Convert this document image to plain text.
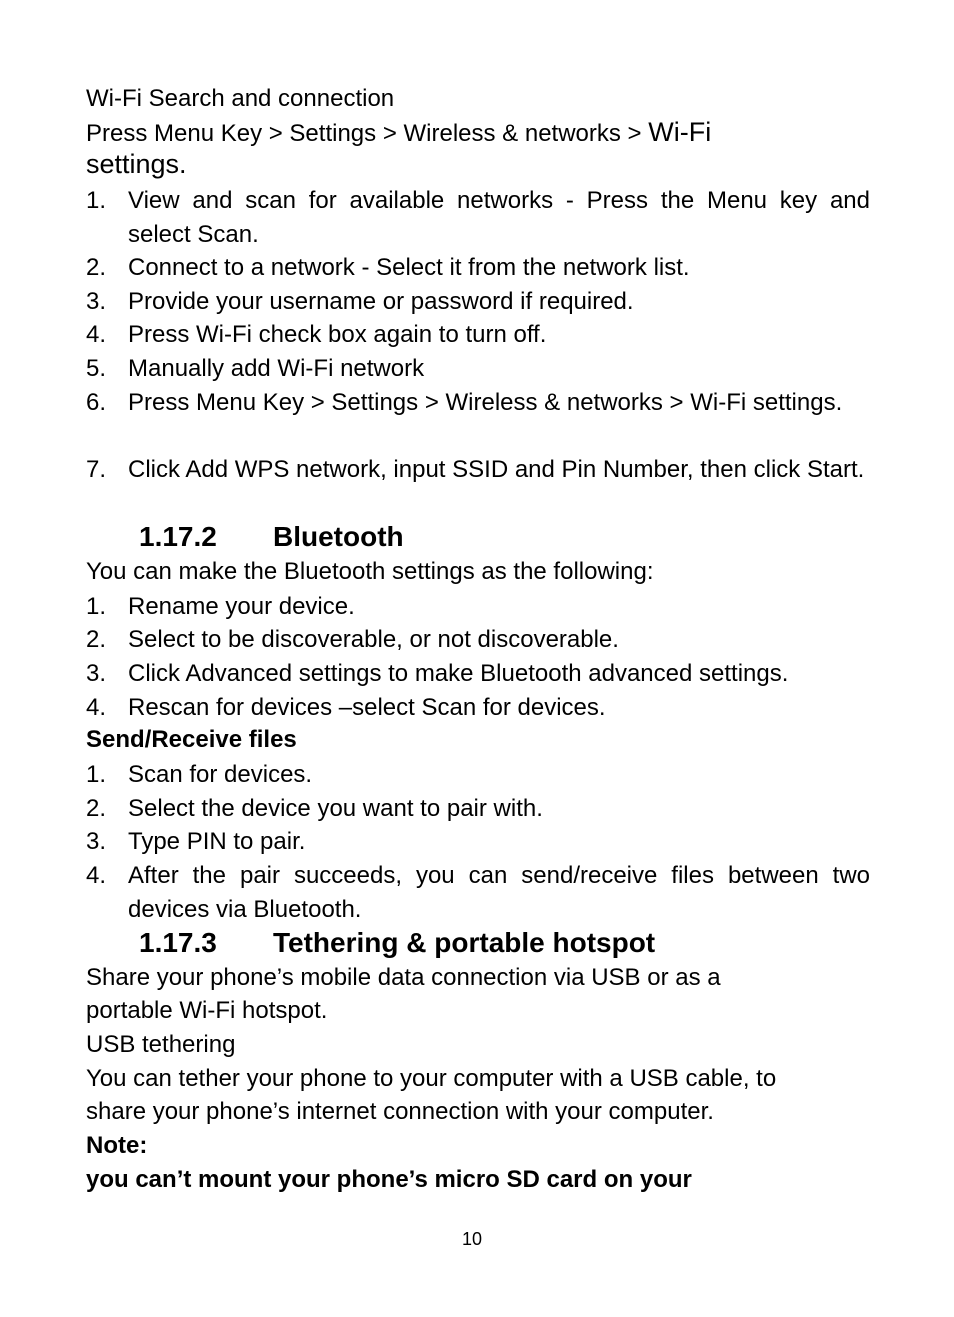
Wi-Fi Search and connection
Press Menu Key > Settings > Wireless & networks > Wi-Fi
settings.
1. View and scan for available networks - Press the Menu key and select Scan.
2. Connect to a network - Select it from the network list.
3. Provide your username or password if required.
4. Press Wi-Fi check box again to turn off.
5. Manually add Wi-Fi network
6. Press Menu Key > Settings > Wireless & networks > Wi-Fi settings.
7. Click Add WPS network, input SSID and Pin Number, then click Start.
1.17.2 Bluetooth
You can make the Bluetooth settings as the following:
1. Rename your device.
2. Select to be discoverable, or not discoverable.
3. Click Advanced settings to make Bluetooth advanced settings.
4. Rescan for devices –select Scan for devices.
Send/Receive files
1. Scan for devices.
2. Select the device you want to pair with.
3. Type PIN to pair.
4. After the pair succeeds, you can send/receive files between two devices via Bluetooth.
1.17.3 Tethering & portable hotspot
Share your phone’s mobile data connection via USB or as a
portable Wi-Fi hotspot.
USB tethering
You can tether your phone to your computer with a USB cable, to
share your phone’s internet connection with your computer.
Note:
you can’t mount your phone’s micro SD card on your
10
